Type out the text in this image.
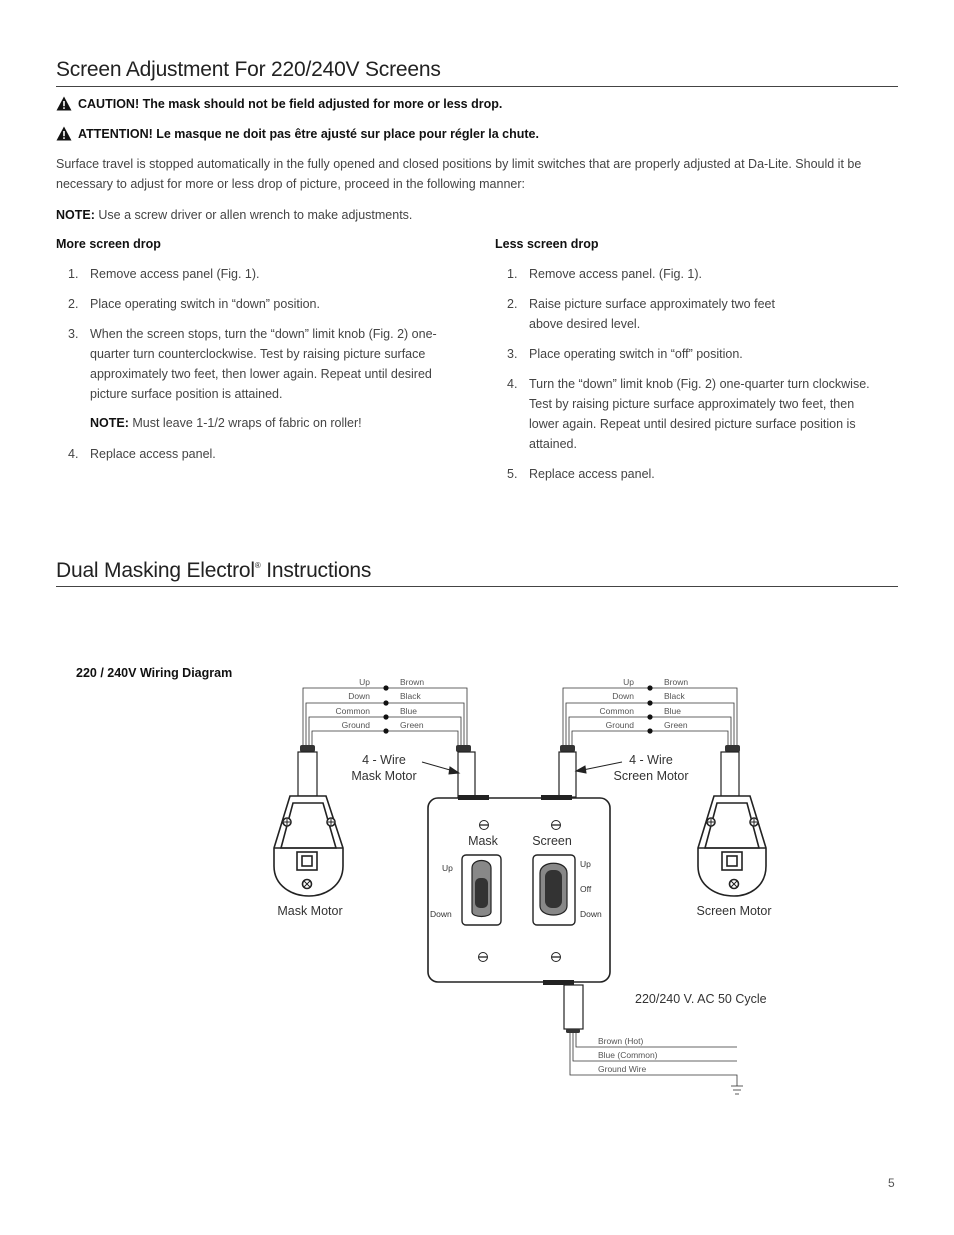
Screen Adjustment For 220/240V Screens
CAUTION! The mask should not be field adjusted for more or less drop.
ATTENTION! Le masque ne doit pas être ajusté sur place pour régler la chute.
Surface travel is stopped automatically in the fully opened and closed positions by limit switches that are properly adjusted at Da-Lite. Should it be necessary to adjust for more or less drop of picture, proceed in the following manner:
NOTE: Use a screw driver or allen wrench to make adjustments.
More screen drop
1. Remove access panel (Fig. 1).
2. Place operating switch in “down” position.
3. When the screen stops, turn the “down” limit knob (Fig. 2) one-quarter turn counterclockwise. Test by raising picture surface approximately two feet, then lower again. Repeat until desired picture surface position is attained.
NOTE: Must leave 1-1/2 wraps of fabric on roller!
4. Replace access panel.
Less screen drop
1. Remove access panel. (Fig. 1).
2. Raise picture surface approximately two feet above desired level.
3. Place operating switch in “off” position.
4. Turn the “down” limit knob (Fig. 2) one-quarter turn clockwise. Test by raising picture surface approximately two feet, then lower again. Repeat until desired picture surface position is attained.
5. Replace access panel.
Dual Masking Electrol® Instructions
220 / 240V Wiring Diagram
Up
Down
Common
Ground
Brown
Black
Blue
Green
Up
Down
Common
Ground
Brown
Black
Blue
Green
4 - Wire
Mask Motor
4 - Wire
Screen Motor
Mask Motor	Screen Motor
Mask	Screen
Up
Down
Up
Off
Down
220/240 V. AC 50 Cycle
Brown (Hot)
Blue (Common)
Ground Wire
5
